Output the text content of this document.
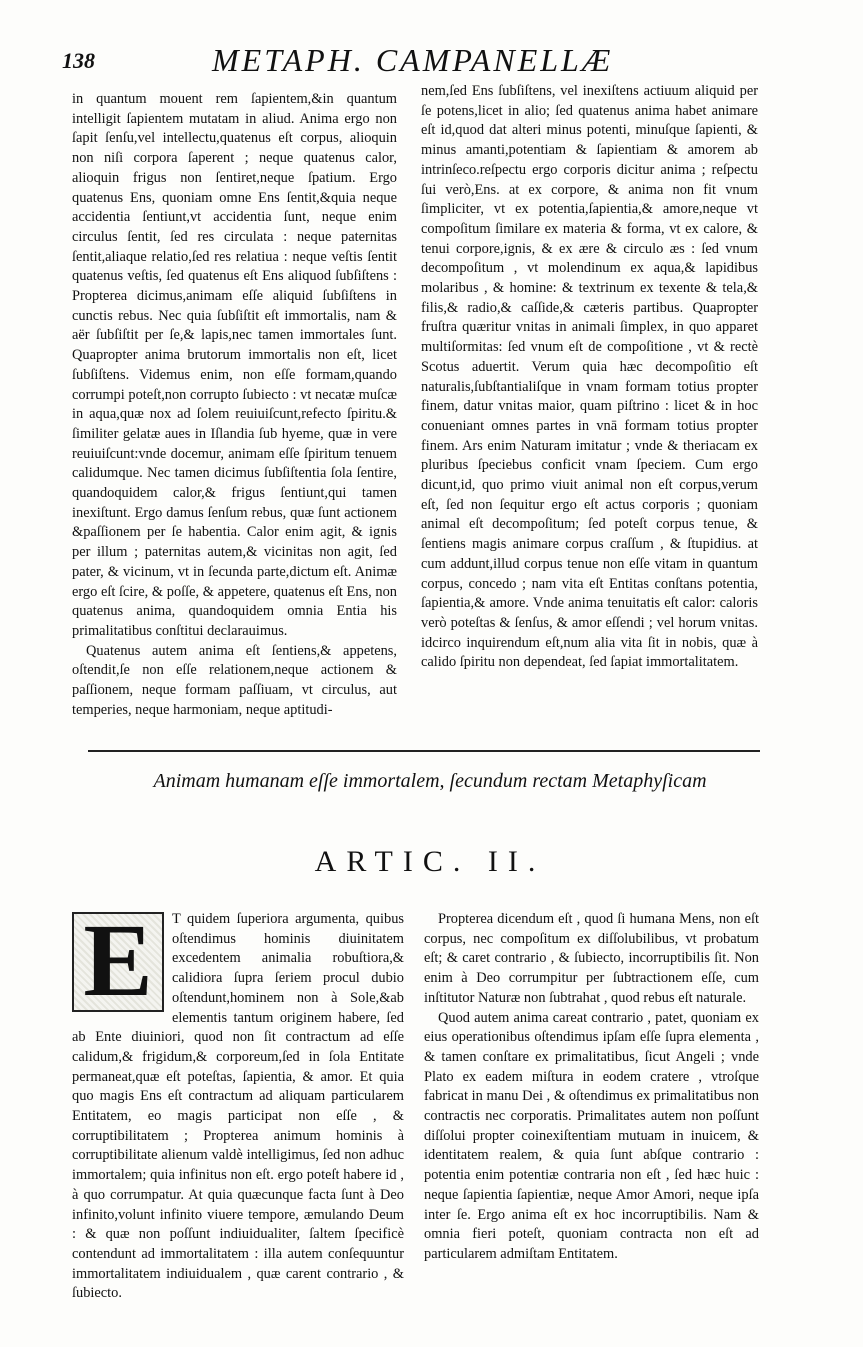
138	METAPH. CAMPANELLÆ

in quantum mouent rem ſapientem,&in quantum intelligit ſapientem mutatam in aliud. Anima ergo non ſapit ſenſu,vel intellectu,quatenus eſt corpus, alioquin non niſi corpora ſaperent ; neque quatenus calor, alioquin frigus non ſentiret,neque ſpatium. Ergo quatenus Ens, quoniam omne Ens ſentit,&quia neque accidentia ſentiunt,vt accidentia ſunt, neque enim circulus ſentit, ſed res circulata : neque paternitas ſentit,aliaque relatio,ſed res relatiua : neque veſtis ſentit quatenus veſtis, ſed quatenus eſt Ens aliquod ſubſiſtens : Propterea dicimus,animam eſſe aliquid ſubſiſtens in cunctis rebus. Nec quia ſubſiſtit eſt immortalis, nam & aër ſubſiſtit per ſe,& lapis,nec tamen immortales ſunt. Quapropter anima brutorum immortalis non eſt, licet ſubſiſtens. Videmus enim, non eſſe formam,quando corrumpi poteſt,non corrupto ſubiecto : vt necatæ muſcæ in aqua,quæ nox ad ſolem reuiuiſcunt,refecto ſpiritu.& ſimiliter gelatæ aues in Iſlandia ſub hyeme, quæ in vere reuiuiſcunt:vnde docemur, animam eſſe ſpiritum tenuem calidumque. Nec tamen dicimus ſubſiſtentia ſola ſentire, quandoquidem calor,& frigus ſentiunt,qui tamen inexiſtunt. Ergo damus ſenſum rebus, quæ ſunt actionem &paſſionem per ſe habentia. Calor enim agit, & ignis per illum ; paternitas autem,& vicinitas non agit, ſed pater, & vicinum, vt in ſecunda parte,dictum eſt. Animæ ergo eſt ſcire, & poſſe, & appetere, quatenus eſt Ens, non quatenus anima, quandoquidem omnia Entia his primalitatibus conſtitui declarauimus.

Quatenus autem anima eſt ſentiens,& appetens, oſtendit,ſe non eſſe relationem,neque actionem & paſſionem, neque formam paſſiuam, vt circulus, aut temperies, neque harmoniam, neque aptitudi-

nem,ſed Ens ſubſiſtens, vel inexiſtens actiuum aliquid per ſe potens,licet in alio; ſed quatenus anima habet animare eſt id,quod dat alteri minus potenti, minuſque ſapienti, & minus amanti,potentiam & ſapientiam & amorem ab intrinſeco.reſpectu ergo corporis dicitur anima ; reſpectu ſui verò,Ens. at ex corpore, & anima non fit vnum ſimpliciter, vt ex potentia,ſapientia,& amore,neque vt compoſitum ſimilare ex materia & forma, vt ex calore, & tenui corpore,ignis, & ex ære & circulo æs : ſed vnum decompoſitum , vt molendinum ex aqua,& lapidibus molaribus , & homine: & textrinum ex texente & tela,& filis,& radio,& caſſide,& cæteris partibus. Quapropter fruſtra quæritur vnitas in animali ſimplex, in quo apparet multiſormitas: ſed vnum eſt de compoſitione , vt & rectè Scotus aduertit. Verum quia hæc decompoſitio eſt naturalis,ſubſtantialiſque in vnam formam totius propter finem, datur vnitas maior, quam piſtrino : licet & in hoc conueniant omnes partes in vnā formam totius propter finem. Ars enim Naturam imitatur ; vnde & theriacam ex pluribus ſpeciebus conficit vnam ſpeciem. Cum ergo dicunt,id, quo primo viuit animal non eſt corpus,verum eſt, ſed non ſequitur ergo eſt actus corporis ; quoniam animal eſt decompoſitum; ſed poteſt corpus tenue, & ſentiens magis animare corpus craſſum , & ſtupidius. at cum addunt,illud corpus tenue non eſſe vitam in quantum corpus, concedo ; nam vita eſt Entitas conſtans potentia, ſapientia,& amore. Vnde anima tenuitatis eſt calor: caloris verò poteſtas & ſenſus, & amor eſſendi ; vel horum vnitas. idcirco inquirendum eſt,num alia vita ſit in nobis, quæ à calido ſpiritu non dependeat, ſed ſapiat immortalitatem.

Animam humanam eſſe immortalem, ſecundum rectam Metaphyſicam
ARTIC. II.
E	T quidem ſuperiora argumenta, quibus oſtendimus hominis diuinitatem excedentem animalia robuſtiora,& calidiora ſupra ſeriem procul dubio oſtendunt,hominem non à Sole,&ab elementis tantum originem habere, ſed ab Ente diuiniori, quod non ſit contractum ad eſſe calidum,& frigidum,& corporeum,ſed in ſola Entitate permaneat,quæ eſt poteſtas, ſapientia, & amor. Et quia quo magis Ens eſt contractum ad aliquam particularem Entitatem, eo magis participat non eſſe , & corruptibilitatem ; Propterea animum hominis à corruptibilitate alienum valdè intelligimus, ſed non adhuc immortalem; quia infinitus non eſt. ergo poteſt habere id , à quo corrumpatur. At quia quæcunque facta ſunt à Deo infinito,volunt infinito viuere tempore, æmulando Deum : & quæ non poſſunt indiuidualiter, ſaltem ſpecificè contendunt ad immortalitatem : illa autem conſequuntur immortalitatem indiuidualem , quæ carent contrario , & ſubiecto.

Propterea dicendum eſt , quod ſi humana Mens, non eſt corpus, nec compoſitum ex diſſolubilibus, vt probatum eſt; & caret contrario , & ſubiecto, incorruptibilis ſit. Non enim à Deo corrumpitur per ſubtractionem eſſe, cum inſtitutor Naturæ non ſubtrahat , quod rebus eſt naturale.

Quod autem anima careat contrario , patet, quoniam ex eius operationibus oſtendimus ipſam eſſe ſupra elementa , & tamen conſtare ex primalitatibus, ſicut Angeli ; vnde Plato ex eadem miſtura in eodem cratere , vtroſque fabricat in manu Dei , & oſtendimus ex primalitatibus non contractis nec corporatis. Primalitates autem non poſſunt diſſolui propter coinexiſtentiam mutuam in inuicem, & identitatem realem, & quia ſunt abſque contrario : potentia enim potentiæ contraria non eſt , ſed hæc huic : neque ſapientia ſapientiæ, neque Amor Amori, neque ipſa inter ſe. Ergo anima eſt ex hoc incorruptibilis. Nam & omnia fieri poteſt, quoniam contracta non eſt ad particularem admiſtam Entitatem.
